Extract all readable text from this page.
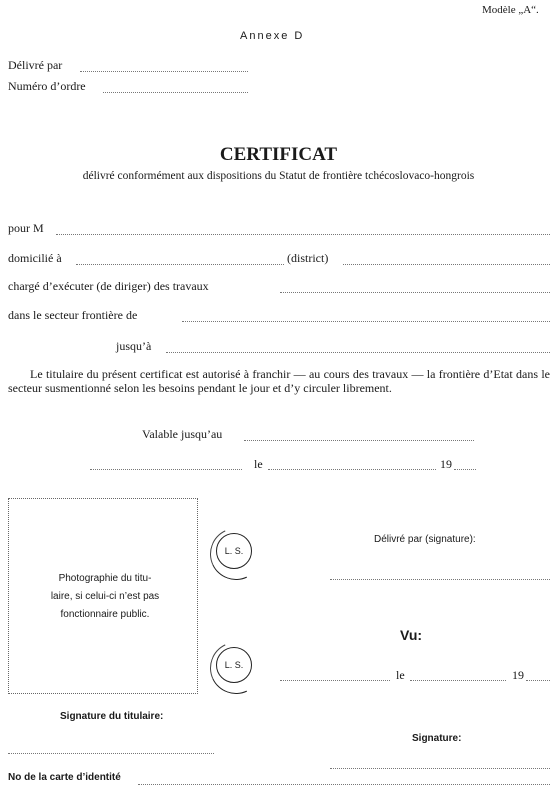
Modèle „A“.
Annexe D
Délivré par
Numéro d’ordre
CERTIFICAT
délivré conformément aux dispositions du Statut de frontière tchécoslovaco-hongrois
pour M
domicilié à	(district)
chargé d’exécuter (de diriger) des travaux
dans le secteur frontière de
jusqu’à
Le titulaire du présent certificat est autorisé à franchir — au cours des travaux — la frontière d’Etat dans le secteur susmentionné selon les besoins pendant le jour et d’y circuler librement.
Valable jusqu’au
le	19
Photographie du titu-
laire, si celui-ci n’est pas
fonctionnaire public.
L. S.
L. S.
Délivré par (signature):
Vu:
le	19
Signature du titulaire:
Signature:
No de la carte d’identité
